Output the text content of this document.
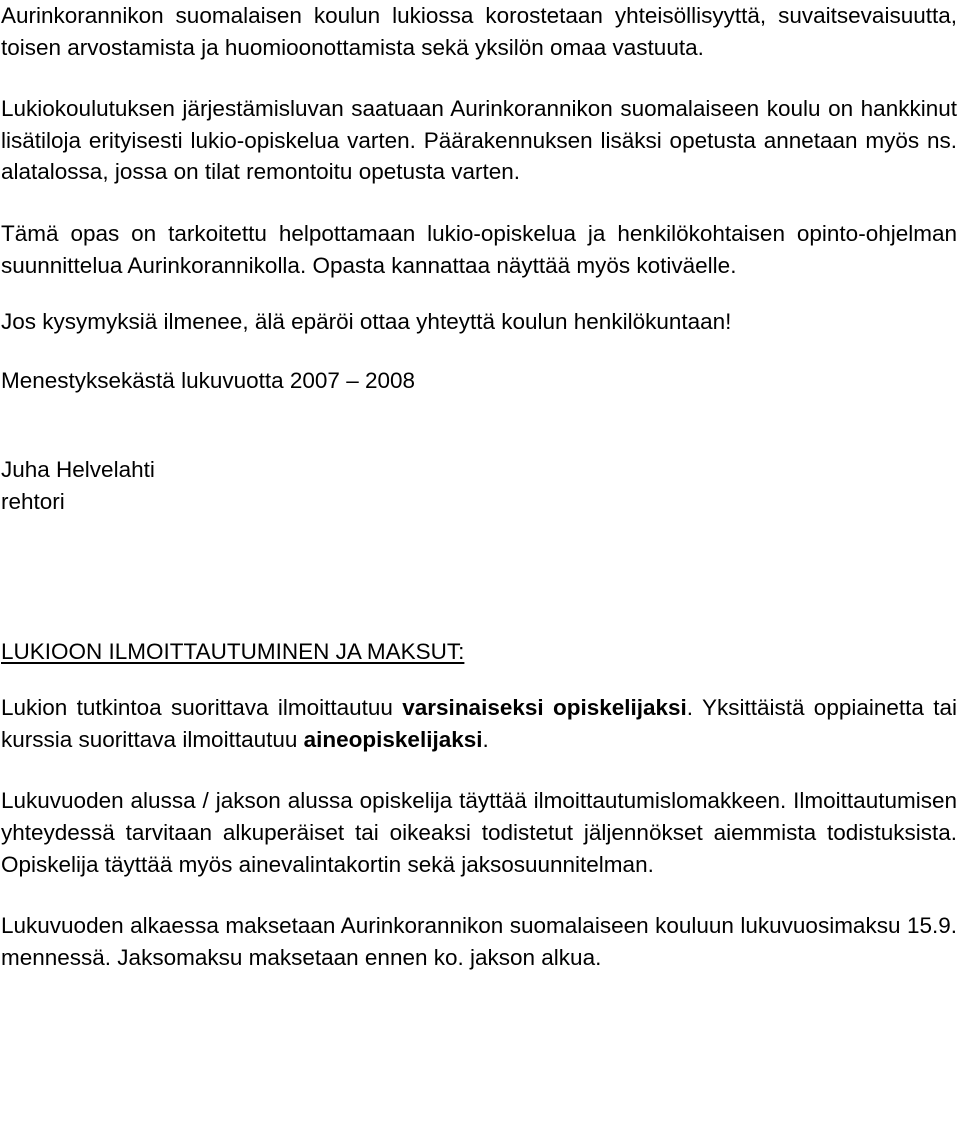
Aurinkorannikon suomalaisen koulun lukiossa korostetaan yhteisöllisyyttä, suvaitsevaisuutta, toisen arvostamista ja huomioonottamista sekä yksilön omaa vastuuta.

Lukiokoulutuksen järjestämisluvan saatuaan Aurinkorannikon suomalaiseen koulu on hankkinut lisätiloja erityisesti lukio-opiskelua varten. Päärakennuksen lisäksi opetusta annetaan myös ns. alatalossa, jossa on tilat remontoitu opetusta varten.

Tämä opas on tarkoitettu helpottamaan lukio-opiskelua ja henkilökohtaisen opinto-ohjelman suunnittelua Aurinkorannikolla. Opasta kannattaa näyttää myös kotiväelle.

Jos kysymyksiä ilmenee, älä epäröi ottaa yhteyttä koulun henkilökuntaan!

Menestyksekästä lukuvuotta 2007 – 2008

Juha Helvelahti

rehtori

LUKIOON ILMOITTAUTUMINEN JA MAKSUT:

Lukion tutkintoa suorittava ilmoittautuu varsinaiseksi opiskelijaksi. Yksittäistä oppiainetta tai kurssia suorittava ilmoittautuu aineopiskelijaksi.

Lukuvuoden alussa / jakson alussa opiskelija täyttää ilmoittautumislomakkeen. Ilmoittautumisen yhteydessä tarvitaan alkuperäiset tai oikeaksi todistetut jäljennökset aiemmista todistuksista. Opiskelija täyttää myös ainevalintakortin sekä jaksosuunnitelman.

Lukuvuoden alkaessa maksetaan Aurinkorannikon suomalaiseen kouluun lukuvuosimaksu 15.9. mennessä. Jaksomaksu maksetaan ennen ko. jakson alkua.
